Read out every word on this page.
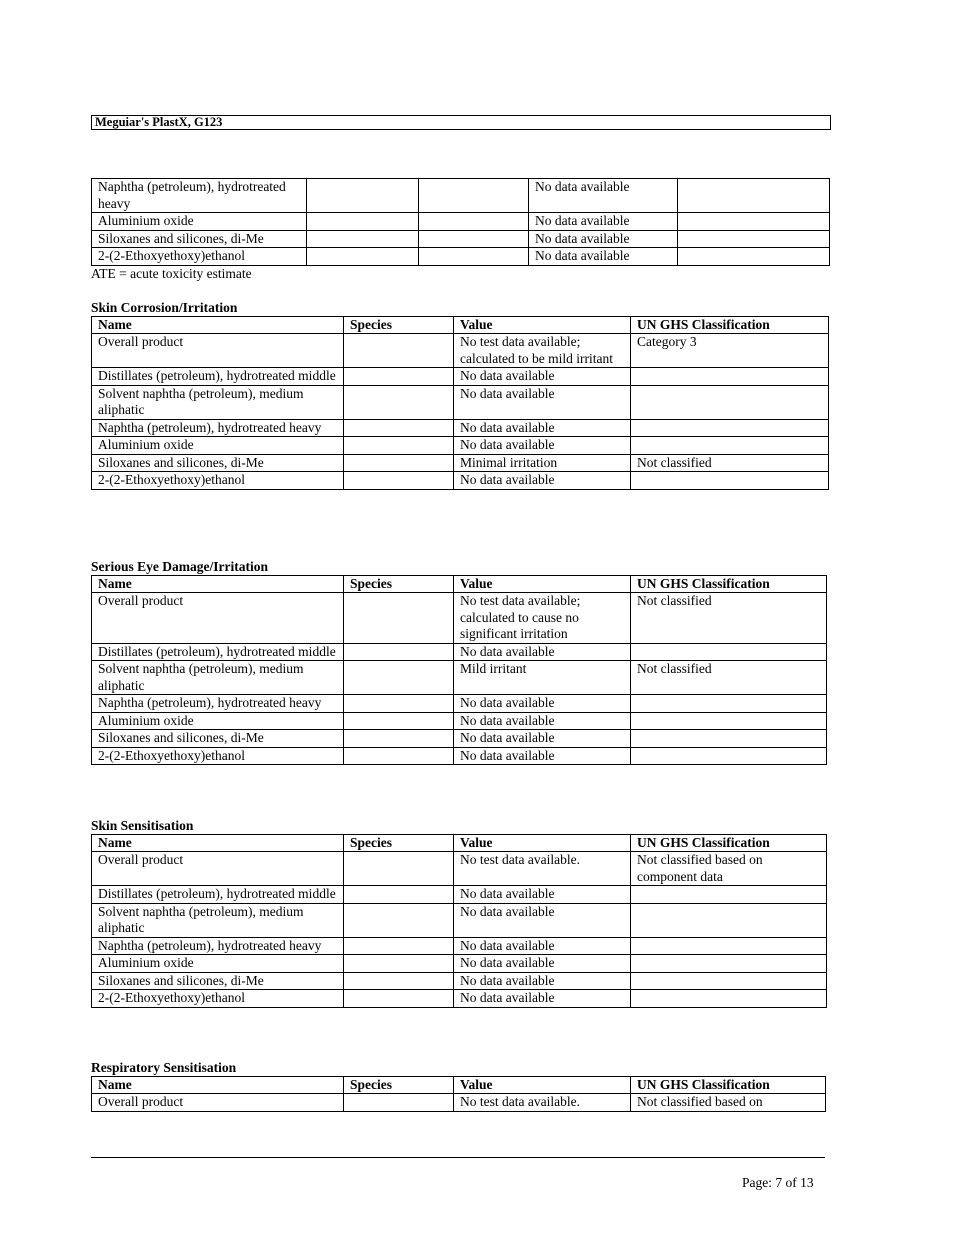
Meguiar's PlastX, G123
Naphtha (petroleum), hydrotreated heavy			No data available	
Aluminium oxide			No data available	
Siloxanes and silicones, di-Me			No data available	
2-(2-Ethoxyethoxy)ethanol			No data available	
ATE = acute toxicity estimate
Skin Corrosion/Irritation
Name	Species	Value	UN GHS Classification
Overall product		No test data available; calculated to be mild irritant	Category 3
Distillates (petroleum), hydrotreated middle		No data available	
Solvent naphtha (petroleum), medium aliphatic		No data available	
Naphtha (petroleum), hydrotreated heavy		No data available	
Aluminium oxide		No data available	
Siloxanes and silicones, di-Me		Minimal irritation	Not classified
2-(2-Ethoxyethoxy)ethanol		No data available	
Serious Eye Damage/Irritation
Name	Species	Value	UN GHS Classification
Overall product		No test data available; calculated to cause no significant irritation	Not classified
Distillates (petroleum), hydrotreated middle		No data available	
Solvent naphtha (petroleum), medium aliphatic		Mild irritant	Not classified
Naphtha (petroleum), hydrotreated heavy		No data available	
Aluminium oxide		No data available	
Siloxanes and silicones, di-Me		No data available	
2-(2-Ethoxyethoxy)ethanol		No data available	
Skin Sensitisation
Name	Species	Value	UN GHS Classification
Overall product		No test data available.	Not classified based on component data
Distillates (petroleum), hydrotreated middle		No data available	
Solvent naphtha (petroleum), medium aliphatic		No data available	
Naphtha (petroleum), hydrotreated heavy		No data available	
Aluminium oxide		No data available	
Siloxanes and silicones, di-Me		No data available	
2-(2-Ethoxyethoxy)ethanol		No data available	
Respiratory Sensitisation
Name	Species	Value	UN GHS Classification
Overall product		No test data available.	Not classified based on
Page: 7 of 13
